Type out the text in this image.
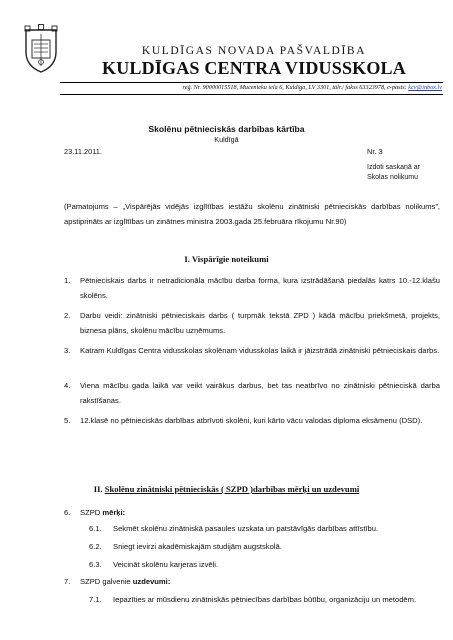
KULDĪGAS NOVADA PAŠVALDĪBA
KULDĪGAS CENTRA VIDUSSKOLA
reģ. Nr. 90000015518, Mucenieku iela 6, Kuldīga, LV 3301, tālr./ fakss 63323978, e-pasts: kcv@inbox.lv
Skolēnu pētnieciskās darbības kārtība
Kuldīgā
23.11.2011.	Nr. 3
Izdoti saskaņā ar
Skolas nolikumu
(Pamatojums – „Vispārējās vidējās izglītības iestāžu skolēnu zinātniski pētnieciskās darbības nolikums”, apstiprināts ar izglītības un zinātnes ministra 2003.gada 25.februāra rīkojumu Nr.90)
I. Vispārīgie noteikumi
1. Pētnieciskais darbs ir netradicionāla mācību darba forma, kura izstrādāšanā piedalās katrs 10.-12.klašu skolēns.
2. Darbu veidi: zinātniski pētnieciskais darbs ( turpmāk tekstā ZPD ) kādā mācību priekšmetā, projekts, biznesa plāns, skolēnu mācību uzņēmums.
3. Katram Kuldīgas Centra vidusskolas skolēnam vidusskolas laikā ir jāizstrādā zinātniski pētnieciskais darbs.
4. Viena mācību gada laikā var veikt vairākus darbus, bet tas neatbrīvo no zinātniski pētnieciskā darba rakstīšanas.
5. 12.klasē no pētnieciskās darbības atbrīvoti skolēni, kuri kārto vācu valodas diploma eksāmenu (DSD).
II. Skolēnu zinātniski pētnieciskās ( SZPD )darbības mērķi un uzdevumi
6. SZPD mērķi:
6.1. Sekmēt skolēnu zinātniskā pasaules uzskata un patstāvīgās darbības attīstību.
6.2. Sniegt ievirzi akadēmiskajām studijām augstskolā.
6.3. Veicināt skolēnu karjeras izvēli.
7. SZPD galvenie uzdevumi:
7.1. Iepazīties ar mūsdienu zinātniskās pētniecības darbības būtību, organizāciju un metodēm.
